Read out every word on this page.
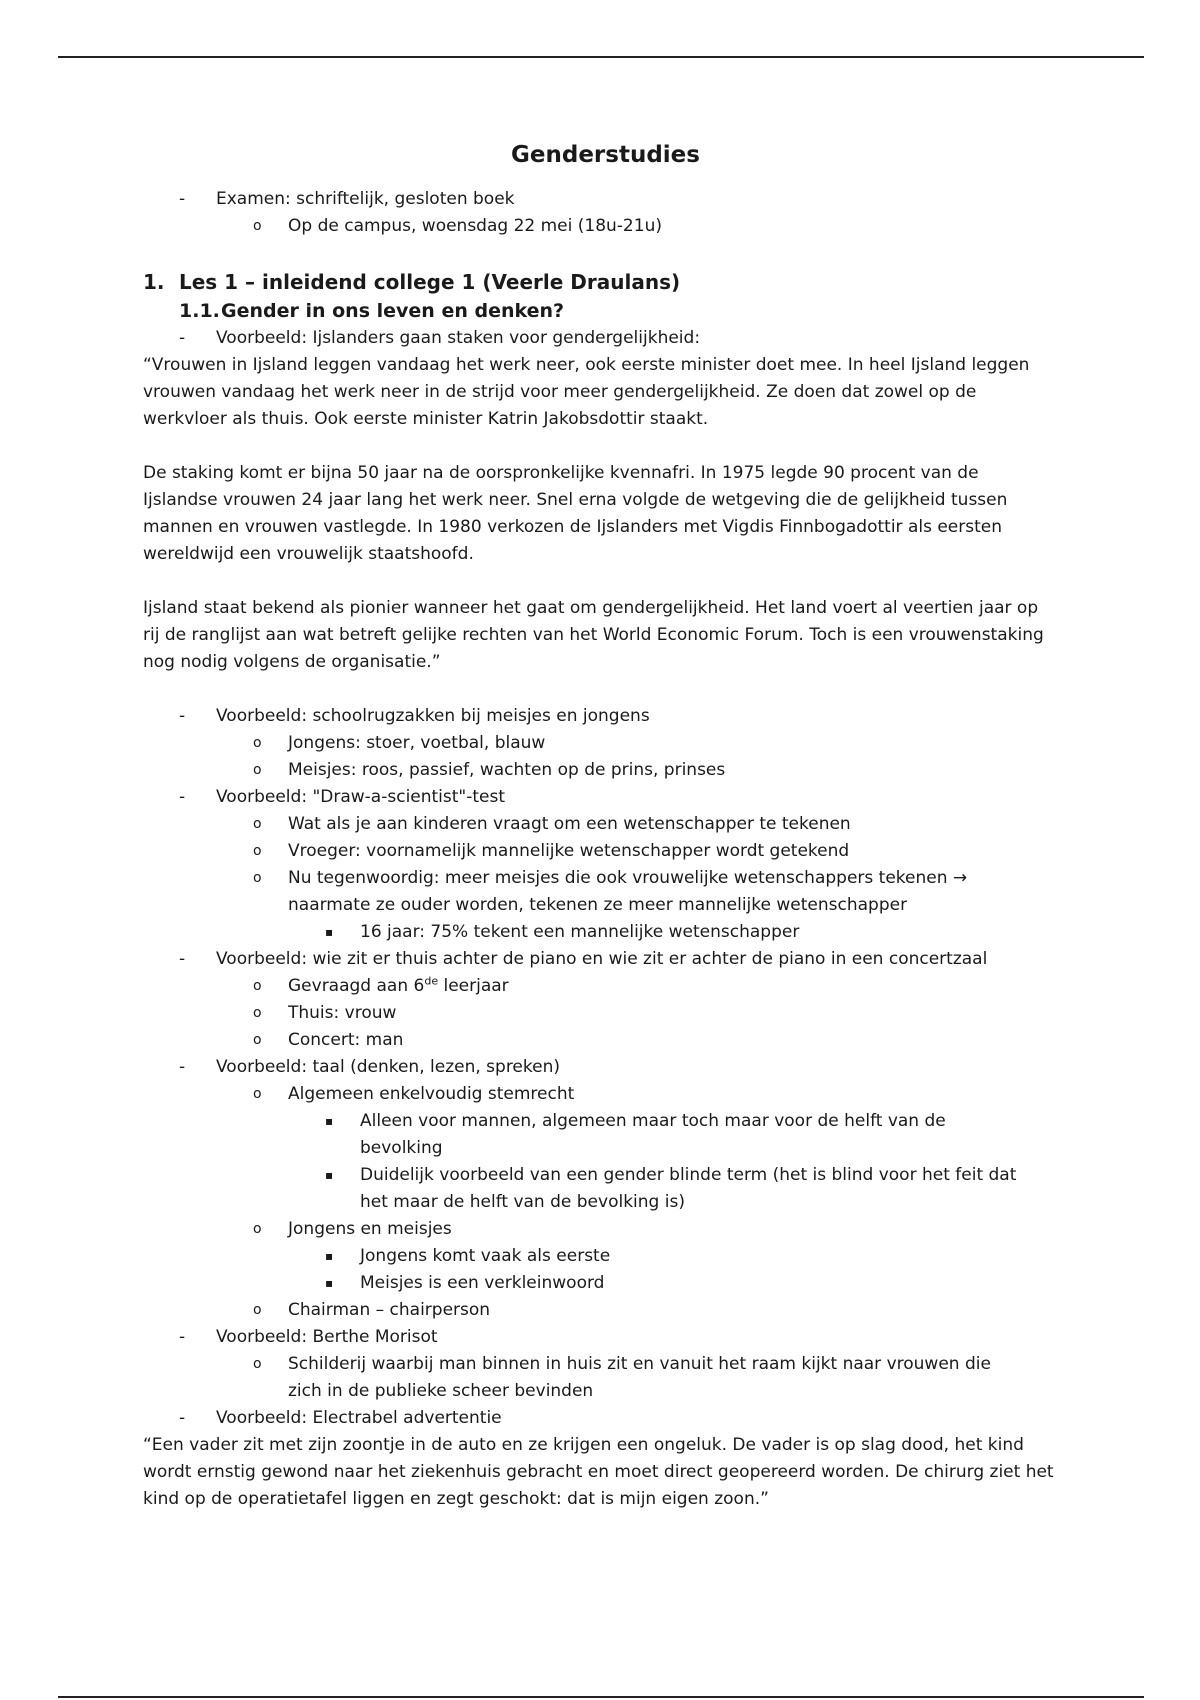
Genderstudies
- Examen: schriftelijk, gesloten boek
o Op de campus, woensdag 22 mei (18u-21u)
1. Les 1 – inleidend college 1 (Veerle Draulans)
1.1. Gender in ons leven en denken?
- Voorbeeld: Ijslanders gaan staken voor gendergelijkheid:
“Vrouwen in Ijsland leggen vandaag het werk neer, ook eerste minister doet mee. In heel Ijsland leggen vrouwen vandaag het werk neer in de strijd voor meer gendergelijkheid. Ze doen dat zowel op de werkvloer als thuis. Ook eerste minister Katrin Jakobsdottir staakt.
De staking komt er bijna 50 jaar na de oorspronkelijke kvennafri. In 1975 legde 90 procent van de Ijslandse vrouwen 24 jaar lang het werk neer. Snel erna volgde de wetgeving die de gelijkheid tussen mannen en vrouwen vastlegde. In 1980 verkozen de Ijslanders met Vigdis Finnbogadottir als eersten wereldwijd een vrouwelijk staatshoofd.
Ijsland staat bekend als pionier wanneer het gaat om gendergelijkheid. Het land voert al veertien jaar op rij de ranglijst aan wat betreft gelijke rechten van het World Economic Forum. Toch is een vrouwenstaking nog nodig volgens de organisatie.”
- Voorbeeld: schoolrugzakken bij meisjes en jongens
o Jongens: stoer, voetbal, blauw
o Meisjes: roos, passief, wachten op de prins, prinses
- Voorbeeld: "Draw-a-scientist"-test
o Wat als je aan kinderen vraagt om een wetenschapper te tekenen
o Vroeger: voornamelijk mannelijke wetenschapper wordt getekend
o Nu tegenwoordig: meer meisjes die ook vrouwelijke wetenschappers tekenen →
naarmate ze ouder worden, tekenen ze meer mannelijke wetenschapper
▪ 16 jaar: 75% tekent een mannelijke wetenschapper
- Voorbeeld: wie zit er thuis achter de piano en wie zit er achter de piano in een concertzaal
o Gevraagd aan 6de leerjaar
o Thuis: vrouw
o Concert: man
- Voorbeeld: taal (denken, lezen, spreken)
o Algemeen enkelvoudig stemrecht
▪ Alleen voor mannen, algemeen maar toch maar voor de helft van de
bevolking
▪ Duidelijk voorbeeld van een gender blinde term (het is blind voor het feit dat
het maar de helft van de bevolking is)
o Jongens en meisjes
▪ Jongens komt vaak als eerste
▪ Meisjes is een verkleinwoord
o Chairman – chairperson
- Voorbeeld: Berthe Morisot
o Schilderij waarbij man binnen in huis zit en vanuit het raam kijkt naar vrouwen die
zich in de publieke scheer bevinden
- Voorbeeld: Electrabel advertentie
“Een vader zit met zijn zoontje in de auto en ze krijgen een ongeluk. De vader is op slag dood, het kind wordt ernstig gewond naar het ziekenhuis gebracht en moet direct geopereerd worden. De chirurg ziet het kind op de operatietafel liggen en zegt geschokt: dat is mijn eigen zoon.”
